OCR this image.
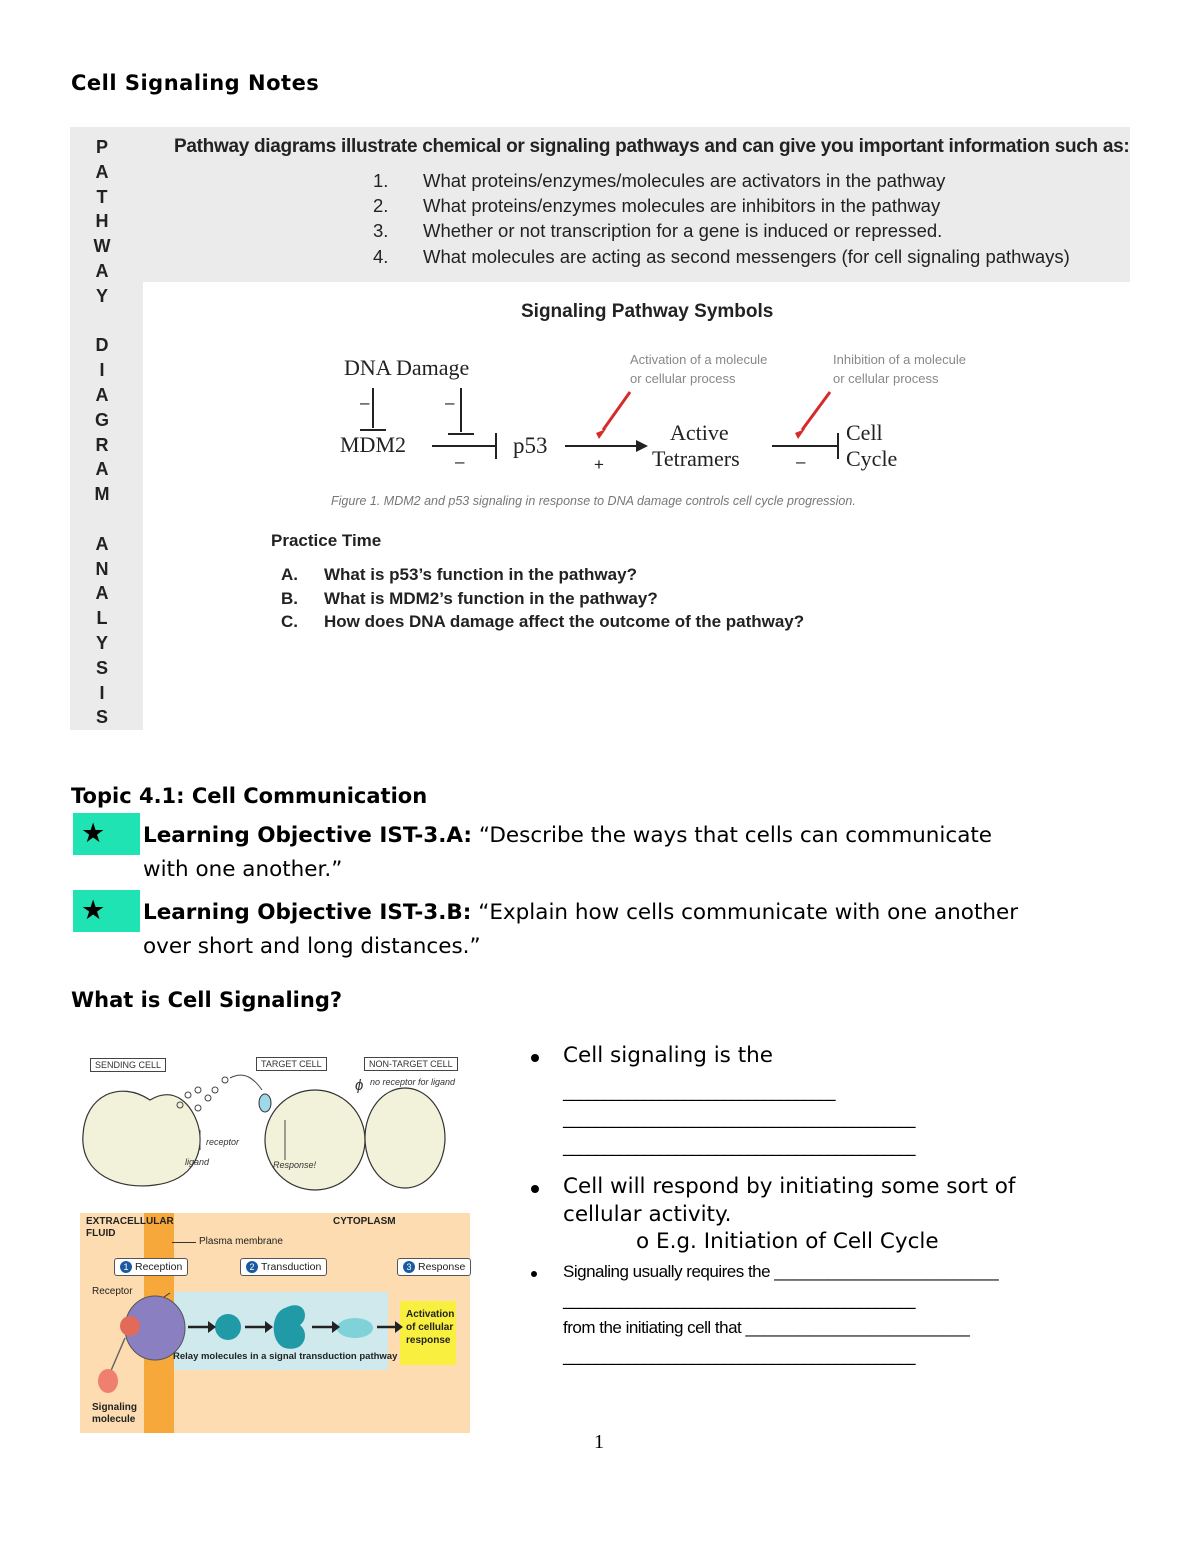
Cell Signaling Notes
P
A
T
H
W
A
Y
D
I
A
G
R
A
M
A
N
A
L
Y
S
I
S
Pathway diagrams illustrate chemical or signaling pathways and can give you important information such as:
1. What proteins/enzymes/molecules are activators in the pathway
2. What proteins/enzymes molecules are inhibitors in the pathway
3. Whether or not transcription for a gene is induced or repressed.
4. What molecules are acting as second messengers (for cell signaling pathways)
Signaling Pathway Symbols
DNA Damage
MDM2	p53
Active
Tetramers
Cell
Cycle
Activation of a molecule
or cellular process
Inhibition of a molecule
or cellular process
–	–
–	+	–
Figure 1. MDM2 and p53 signaling in response to DNA damage controls cell cycle progression.
Practice Time
A. What is p53’s function in the pathway?
B. What is MDM2’s function in the pathway?
C. How does DNA damage affect the outcome of the pathway?
Topic 4.1: Cell Communication
★	Learning Objective IST-3.A: “Describe the ways that cells can communicate
with one another.”
★	Learning Objective IST-3.B: “Explain how cells communicate with one another
over short and long distances.”
What is Cell Signaling?
receptor
ligand	Response!
no receptor for ligand
ɸ
SENDING CELL	TARGET CELL	NON-TARGET CELL
EXTRACELLULAR
FLUID
CYTOPLASM
Plasma membrane
1 Reception	2 Transduction	3 Response
Receptor
Activation
of cellular
response
Relay molecules in a signal transduction pathway
Signaling
molecule
Cell signaling is the
__________________________________
____________________________________________
____________________________________________
Cell will respond by initiating some sort of
cellular activity.
o E.g. Initiation of Cell Cycle
Signaling usually requires the _________________________
____________________________________________
from the initiating cell that _________________________
____________________________________________
1
